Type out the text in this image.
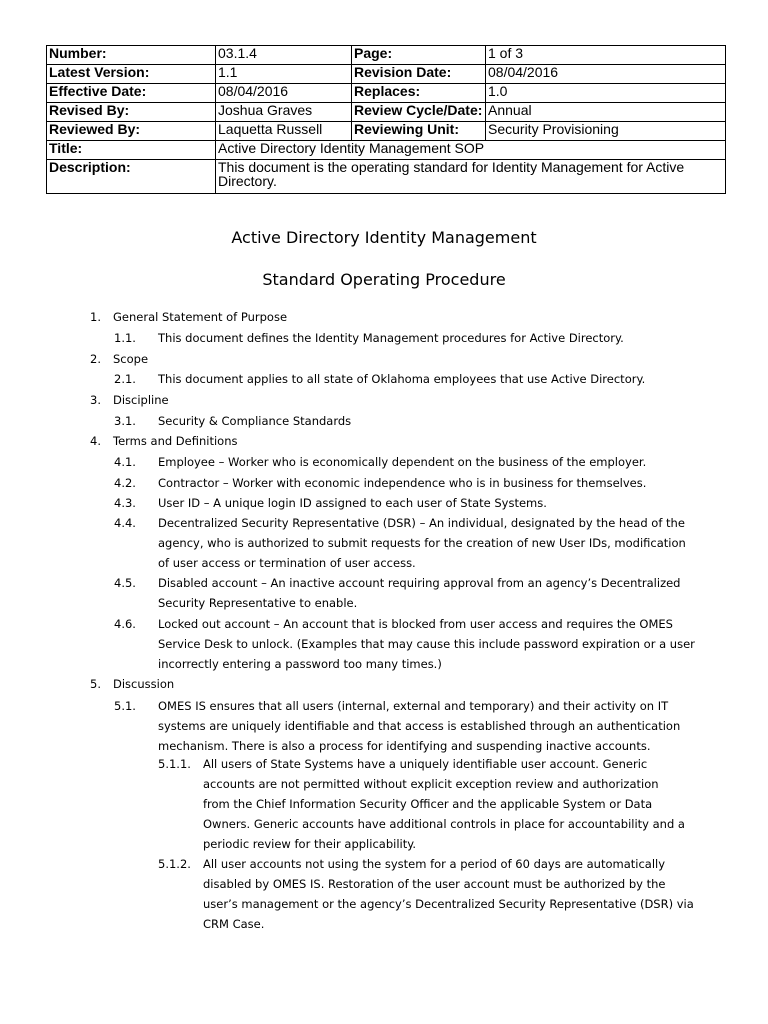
Number:	03.1.4	Page:	1 of 3
Latest Version:	1.1	Revision Date:	08/04/2016
Effective Date:	08/04/2016	Replaces:	1.0
Revised By:	Joshua Graves	Review Cycle/Date:	Annual
Reviewed By:	Laquetta Russell	Reviewing Unit:	Security Provisioning
Title:	Active Directory Identity Management SOP		
Description:	This document is the operating standard for Identity Management for Active
Directory.		
Active Directory Identity Management
Standard Operating Procedure
1. General Statement of Purpose
1.1. This document defines the Identity Management procedures for Active Directory.
2. Scope
2.1. This document applies to all state of Oklahoma employees that use Active Directory.
3. Discipline
3.1. Security & Compliance Standards
4. Terms and Definitions
4.1. Employee – Worker who is economically dependent on the business of the employer.
4.2. Contractor – Worker with economic independence who is in business for themselves.
4.3. User ID – A unique login ID assigned to each user of State Systems.
4.4. Decentralized Security Representative (DSR) – An individual, designated by the head of the
agency, who is authorized to submit requests for the creation of new User IDs, modification
of user access or termination of user access.
4.5. Disabled account – An inactive account requiring approval from an agency’s Decentralized
Security Representative to enable.
4.6. Locked out account – An account that is blocked from user access and requires the OMES
Service Desk to unlock. (Examples that may cause this include password expiration or a user
incorrectly entering a password too many times.)
5. Discussion
5.1. OMES IS ensures that all users (internal, external and temporary) and their activity on IT
systems are uniquely identifiable and that access is established through an authentication
mechanism. There is also a process for identifying and suspending inactive accounts.
5.1.1. All users of State Systems have a uniquely identifiable user account. Generic
accounts are not permitted without explicit exception review and authorization
from the Chief Information Security Officer and the applicable System or Data
Owners. Generic accounts have additional controls in place for accountability and a
periodic review for their applicability.
5.1.2. All user accounts not using the system for a period of 60 days are automatically
disabled by OMES IS. Restoration of the user account must be authorized by the
user’s management or the agency’s Decentralized Security Representative (DSR) via
CRM Case.
